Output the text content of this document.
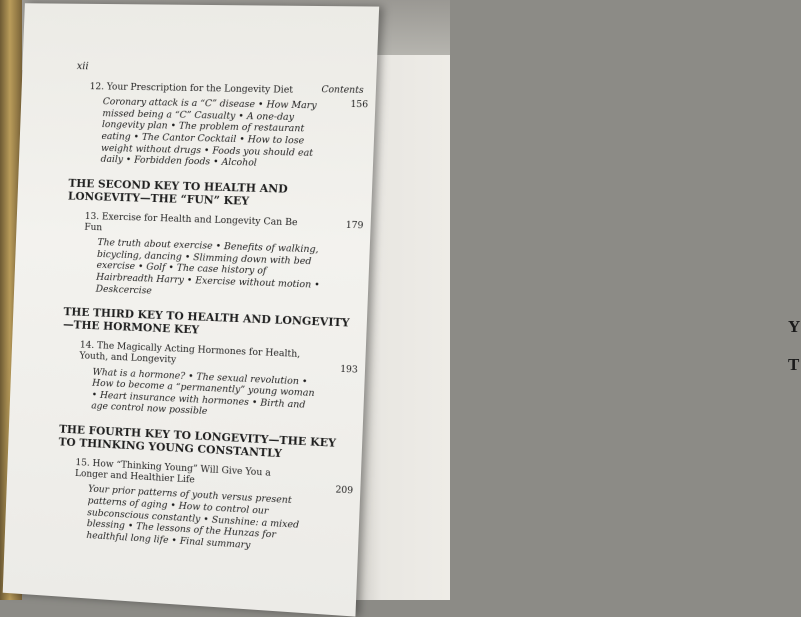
Y
T
xii
Contents
12. Your Prescription for the Longevity Diet
156
Coronary attack is a “C” disease • How Mary missed being a “C” Casualty • A one-day longevity plan • The problem of restaurant eating • The Cantor Cocktail • How to lose weight without drugs • Foods you should eat daily • Forbidden foods • Alcohol
THE SECOND KEY TO HEALTH AND LONGEVITY—THE “FUN” KEY
13. Exercise for Health and Longevity Can Be Fun	179
The truth about exercise • Benefits of walking, bicycling, dancing • Slimming down with bed exercise • Golf • The case history of Hairbreadth Harry • Exercise without motion • Deskcercise
THE THIRD KEY TO HEALTH AND LONGEVITY—THE HORMONE KEY
14. The Magically Acting Hormones for Health, Youth, and Longevity
193
What is a hormone? • The sexual revolution • How to become a “permanently” young woman • Heart insurance with hormones • Birth and age control now possible
THE FOURTH KEY TO LONGEVITY—THE KEY TO THINKING YOUNG CONSTANTLY
15. How “Thinking Young” Will Give You a Longer and Healthier Life
209
Your prior patterns of youth versus present patterns of aging • How to control our subconscious constantly • Sunshine: a mixed blessing • The lessons of the Hunzas for healthful long life • Final summary
